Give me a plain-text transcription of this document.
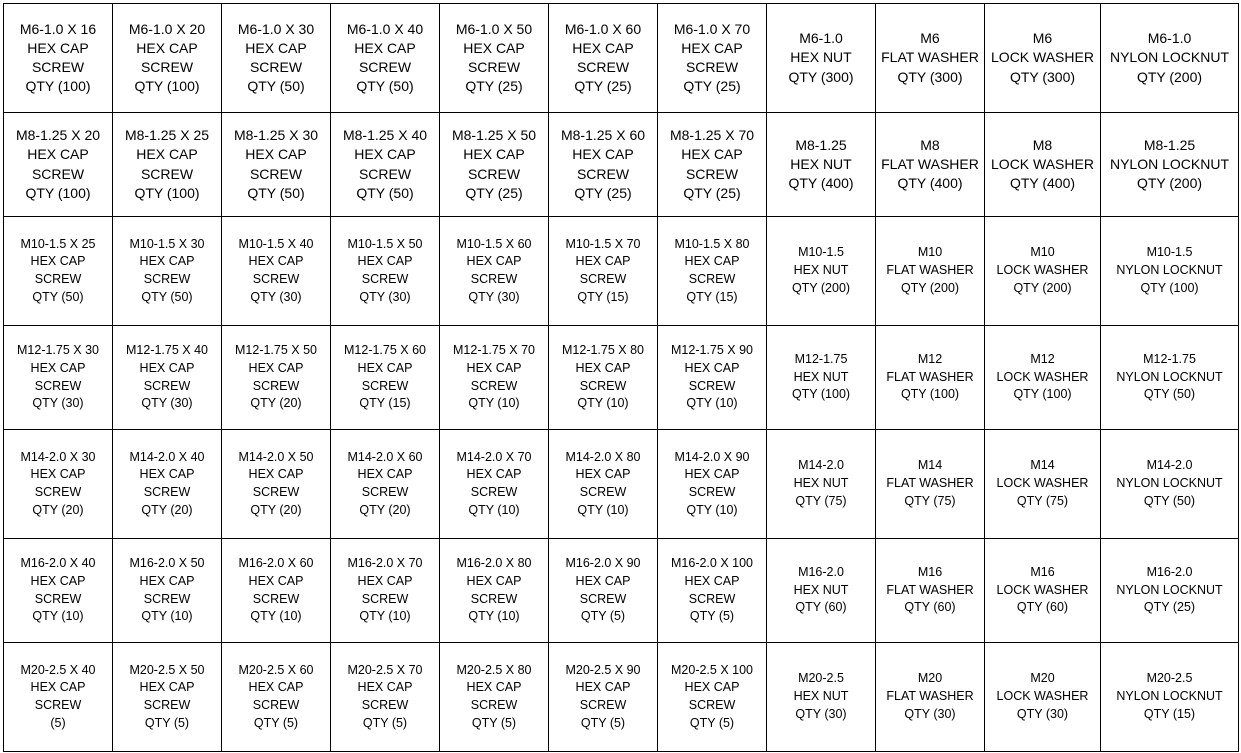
M6-1.0 X 16
HEX CAP
SCREW
QTY (100)	M6-1.0 X 20
HEX CAP
SCREW
QTY (100)	M6-1.0 X 30
HEX CAP
SCREW
QTY (50)	M6-1.0 X 40
HEX CAP
SCREW
QTY (50)	M6-1.0 X 50
HEX CAP
SCREW
QTY (25)	M6-1.0 X 60
HEX CAP
SCREW
QTY (25)	M6-1.0 X 70
HEX CAP
SCREW
QTY (25)	M6-1.0
HEX NUT
QTY (300)	M6
FLAT WASHER
QTY (300)	M6
LOCK WASHER
QTY (300)	M6-1.0
NYLON LOCKNUT
QTY (200)

M8-1.25 X 20
HEX CAP
SCREW
QTY (100)	M8-1.25 X 25
HEX CAP
SCREW
QTY (100)	M8-1.25 X 30
HEX CAP
SCREW
QTY (50)	M8-1.25 X 40
HEX CAP
SCREW
QTY (50)	M8-1.25 X 50
HEX CAP
SCREW
QTY (25)	M8-1.25 X 60
HEX CAP
SCREW
QTY (25)	M8-1.25 X 70
HEX CAP
SCREW
QTY (25)	M8-1.25
HEX NUT
QTY (400)	M8
FLAT WASHER
QTY (400)	M8
LOCK WASHER
QTY (400)	M8-1.25
NYLON LOCKNUT
QTY (200)

M10-1.5 X 25
HEX CAP
SCREW
QTY (50)	M10-1.5 X 30
HEX CAP
SCREW
QTY (50)	M10-1.5 X 40
HEX CAP
SCREW
QTY (30)	M10-1.5 X 50
HEX CAP
SCREW
QTY (30)	M10-1.5 X 60
HEX CAP
SCREW
QTY (30)	M10-1.5 X 70
HEX CAP
SCREW
QTY (15)	M10-1.5 X 80
HEX CAP
SCREW
QTY (15)	M10-1.5
HEX NUT
QTY (200)	M10
FLAT WASHER
QTY (200)	M10
LOCK WASHER
QTY (200)	M10-1.5
NYLON LOCKNUT
QTY (100)

M12-1.75 X 30
HEX CAP
SCREW
QTY (30)	M12-1.75 X 40
HEX CAP
SCREW
QTY (30)	M12-1.75 X 50
HEX CAP
SCREW
QTY (20)	M12-1.75 X 60
HEX CAP
SCREW
QTY (15)	M12-1.75 X 70
HEX CAP
SCREW
QTY (10)	M12-1.75 X 80
HEX CAP
SCREW
QTY (10)	M12-1.75 X 90
HEX CAP
SCREW
QTY (10)	M12-1.75
HEX NUT
QTY (100)	M12
FLAT WASHER
QTY (100)	M12
LOCK WASHER
QTY (100)	M12-1.75
NYLON LOCKNUT
QTY (50)

M14-2.0 X 30
HEX CAP
SCREW
QTY (20)	M14-2.0 X 40
HEX CAP
SCREW
QTY (20)	M14-2.0 X 50
HEX CAP
SCREW
QTY (20)	M14-2.0 X 60
HEX CAP
SCREW
QTY (20)	M14-2.0 X 70
HEX CAP
SCREW
QTY (10)	M14-2.0 X 80
HEX CAP
SCREW
QTY (10)	M14-2.0 X 90
HEX CAP
SCREW
QTY (10)	M14-2.0
HEX NUT
QTY (75)	M14
FLAT WASHER
QTY (75)	M14
LOCK WASHER
QTY (75)	M14-2.0
NYLON LOCKNUT
QTY (50)

M16-2.0 X 40
HEX CAP
SCREW
QTY (10)	M16-2.0 X 50
HEX CAP
SCREW
QTY (10)	M16-2.0 X 60
HEX CAP
SCREW
QTY (10)	M16-2.0 X 70
HEX CAP
SCREW
QTY (10)	M16-2.0 X 80
HEX CAP
SCREW
QTY (10)	M16-2.0 X 90
HEX CAP
SCREW
QTY (5)	M16-2.0 X 100
HEX CAP
SCREW
QTY (5)	M16-2.0
HEX NUT
QTY (60)	M16
FLAT WASHER
QTY (60)	M16
LOCK WASHER
QTY (60)	M16-2.0
NYLON LOCKNUT
QTY (25)

M20-2.5 X 40
HEX CAP
SCREW
(5)	M20-2.5 X 50
HEX CAP
SCREW
QTY (5)	M20-2.5 X 60
HEX CAP
SCREW
QTY (5)	M20-2.5 X 70
HEX CAP
SCREW
QTY (5)	M20-2.5 X 80
HEX CAP
SCREW
QTY (5)	M20-2.5 X 90
HEX CAP
SCREW
QTY (5)	M20-2.5 X 100
HEX CAP
SCREW
QTY (5)	M20-2.5
HEX NUT
QTY (30)	M20
FLAT WASHER
QTY (30)	M20
LOCK WASHER
QTY (30)	M20-2.5
NYLON LOCKNUT
QTY (15)
